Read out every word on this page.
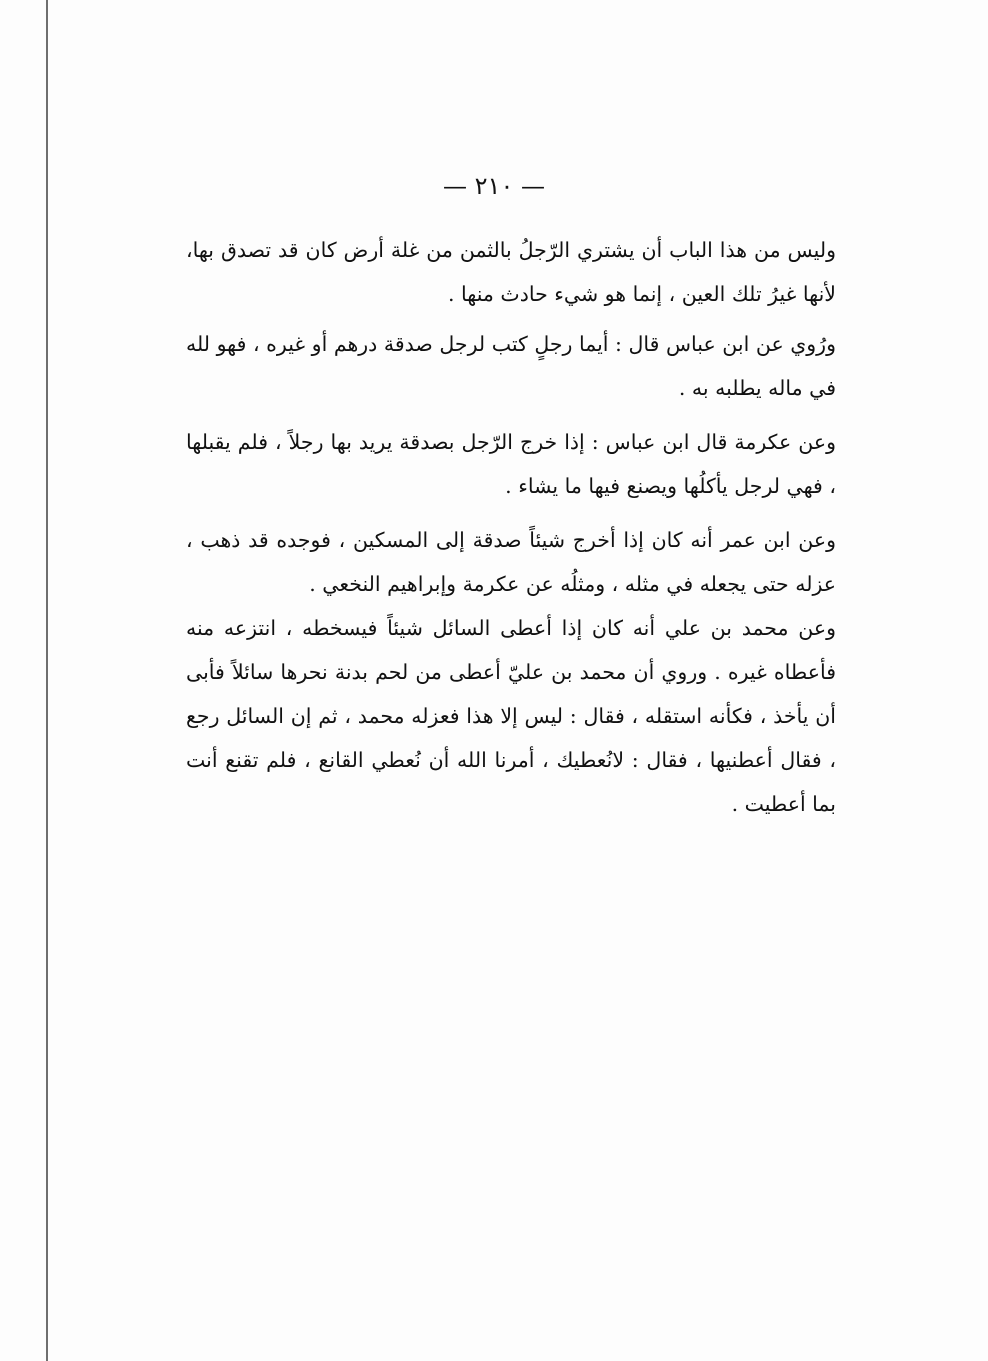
— ٢١٠ —

وليس من هذا الباب أن يشتري الرّجلُ بالثمن من غلة أرض كان قد تصدق بها، لأنها غيرُ تلك العين ، إنما هو شيء حادث منها .

ورُوي عن ابن عباس قال : أيما رجلٍ كتب لرجل صدقة درهم أو غيره ، فهو لله في ماله يطلبه به .

وعن عكرمة قال ابن عباس : إذا خرج الرّجل بصدقة يريد بها رجلاً ، فلم يقبلها ، فهي لرجل يأكلُها ويصنع فيها ما يشاء .

وعن ابن عمر أنه كان إذا أخرج شيئاً صدقة إلى المسكين ، فوجده قد ذهب ، عزله حتى يجعله في مثله ، ومثلُه عن عكرمة وإبراهيم النخعي .

وعن محمد بن علي أنه كان إذا أعطى السائل شيئاً فيسخطه ، انتزعه منه فأعطاه غيره . وروي أن محمد بن عليّ أعطى من لحم بدنة نحرها سائلاً فأبى أن يأخذ ، فكأنه استقله ، فقال : ليس إلا هذا فعزله محمد ، ثم إن السائل رجع ، فقال أعطنيها ، فقال : لانُعطيك ، أمرنا الله أن نُعطي القانع ، فلم تقنع أنت بما أعطيت .
